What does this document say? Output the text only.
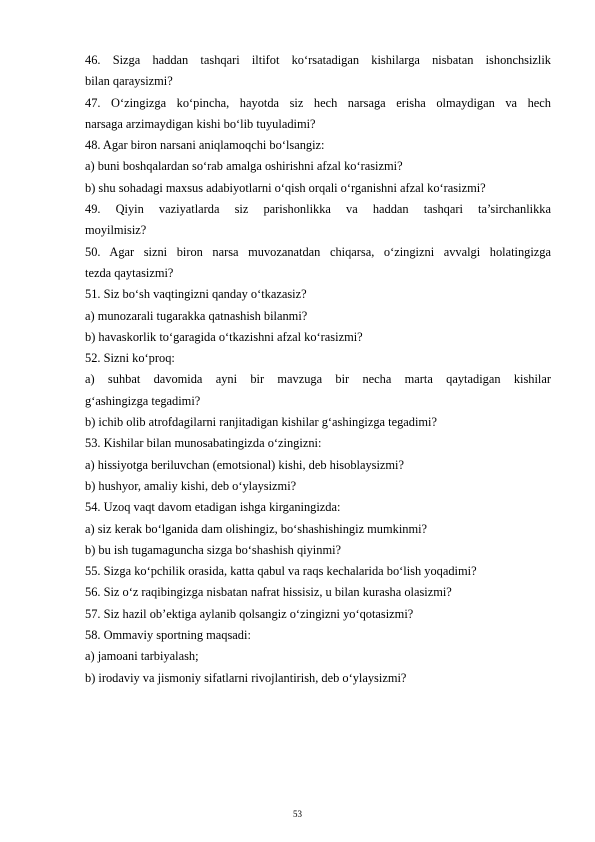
46. Sizga haddan tashqari iltifot ko‘rsatadigan kishilarga nisbatan ishonchsizlik
bilan qaraysizmi?
47. O‘zingizga ko‘pincha, hayotda siz hech narsaga erisha olmaydigan va hech
narsaga arzimaydigan kishi bo‘lib tuyuladimi?
48. Agar biron narsani aniqlamoqchi bo‘lsangiz:
a) buni boshqalardan so‘rab amalga oshirishni afzal ko‘rasizmi?
b) shu sohadagi maxsus adabiyotlarni o‘qish orqali o‘rganishni afzal ko‘rasizmi?
49. Qiyin vaziyatlarda siz parishonlikka va haddan tashqari ta’sirchanlikka
moyilmisiz?
50. Agar sizni biron narsa muvozanatdan chiqarsa, o‘zingizni avvalgi holatingizga
tezda qaytasizmi?
51. Siz bo‘sh vaqtingizni qanday o‘tkazasiz?
a) munozarali tugarakka qatnashish bilanmi?
b) havaskorlik to‘garagida o‘tkazishni afzal ko‘rasizmi?
52. Sizni ko‘proq:
a) suhbat davomida ayni bir mavzuga bir necha marta qaytadigan kishilar
g‘ashingizga tegadimi?
b) ichib olib atrofdagilarni ranjitadigan kishilar g‘ashingizga tegadimi?
53. Kishilar bilan munosabatingizda o‘zingizni:
a) hissiyotga beriluvchan (emotsional) kishi, deb hisoblaysizmi?
b) hushyor, amaliy kishi, deb o‘ylaysizmi?
54. Uzoq vaqt davom etadigan ishga kirganingizda:
a) siz kerak bo‘lganida dam olishingiz, bo‘shashishingiz mumkinmi?
b) bu ish tugamaguncha sizga bo‘shashish qiyinmi?
55. Sizga ko‘pchilik orasida, katta qabul va raqs kechalarida bo‘lish yoqadimi?
56. Siz o‘z raqibingizga nisbatan nafrat hissisiz, u bilan kurasha olasizmi?
57. Siz hazil ob’ektiga aylanib qolsangiz o‘zingizni yo‘qotasizmi?
58. Ommaviy sportning maqsadi:
a) jamoani tarbiyalash;
b) irodaviy va jismoniy sifatlarni rivojlantirish, deb o‘ylaysizmi?
53
